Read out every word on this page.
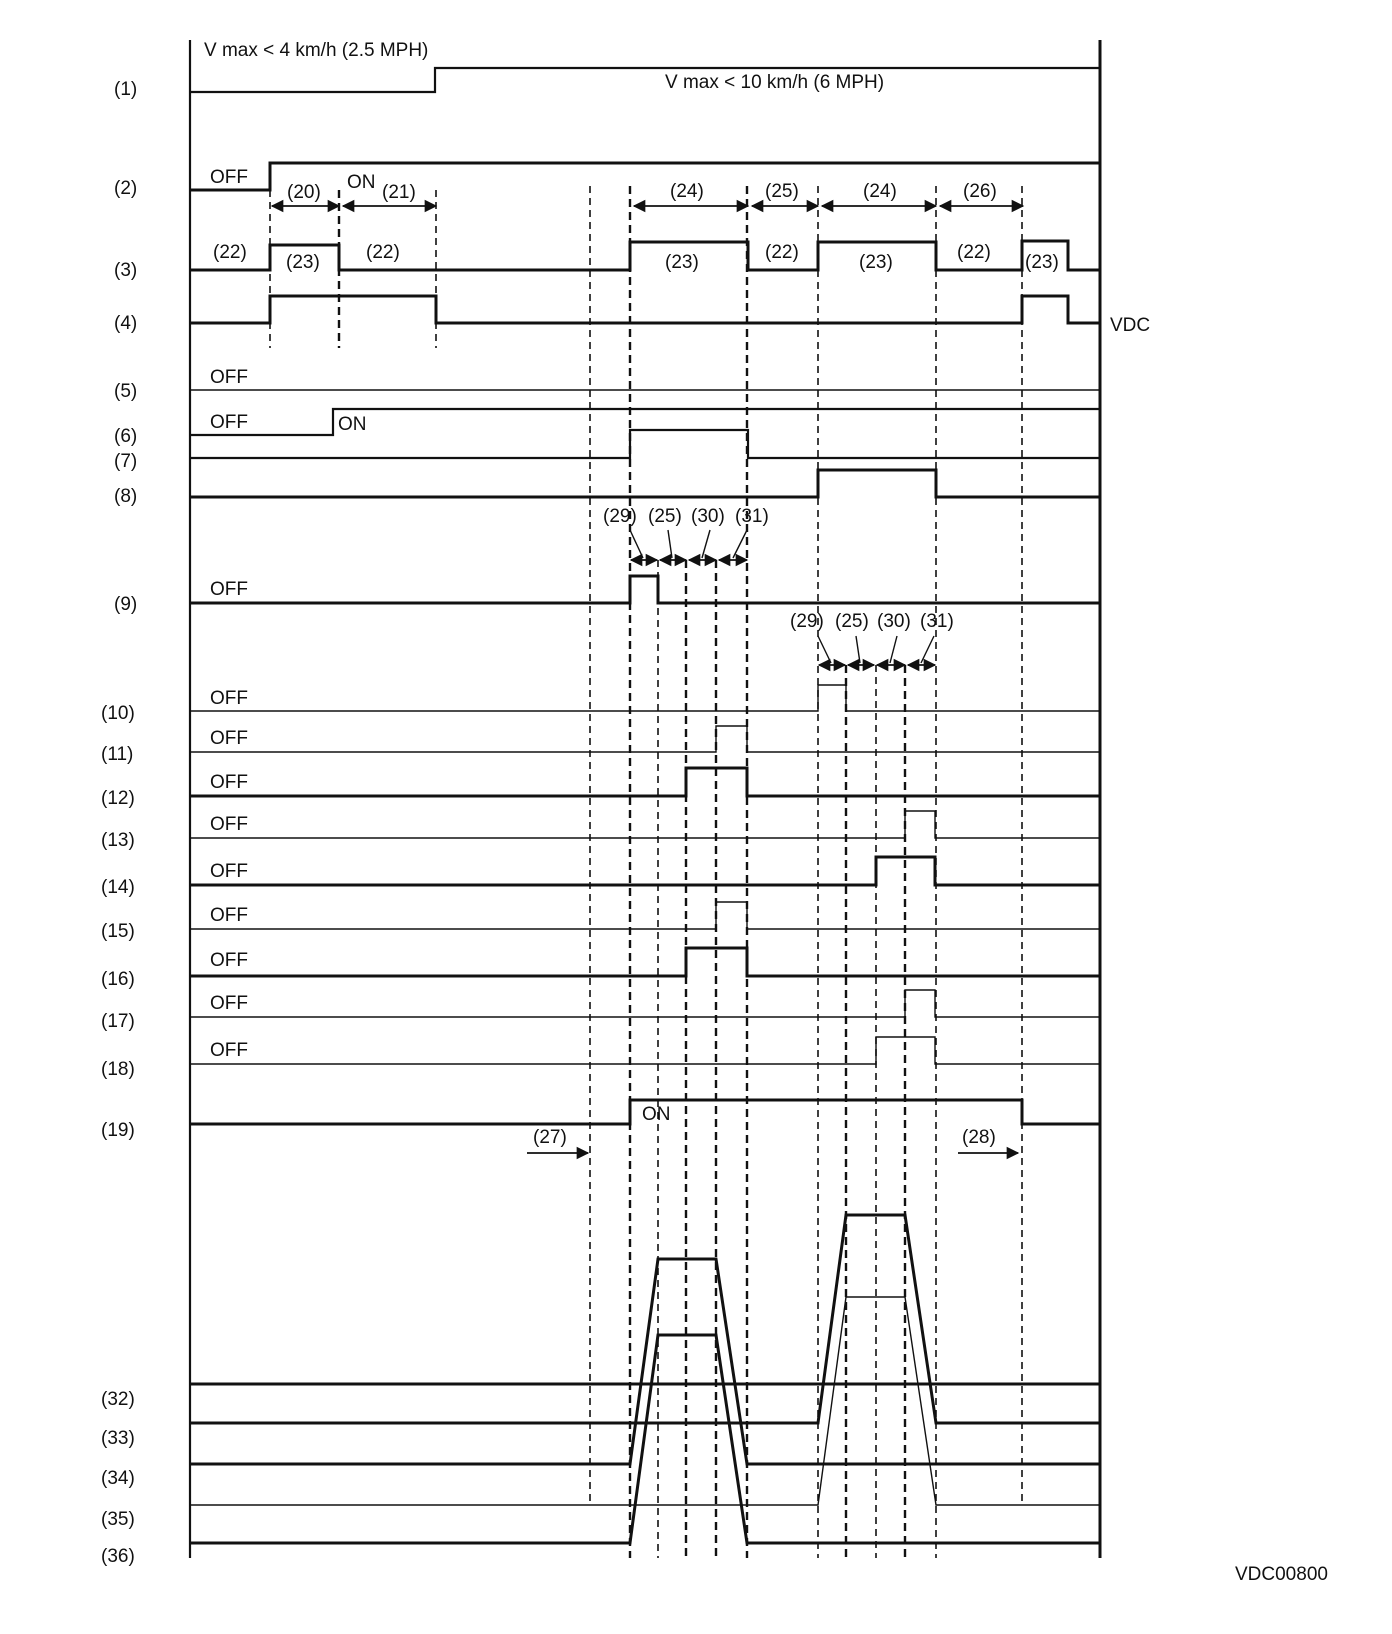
(1)
(2)
(3)
(4)
(5)
(6)
(7)
(8)
(9)
(10)
(11)
(12)
(13)
(14)
(15)
(16)
(17)
(18)
(19)
(32)
(33)
(34)
(35)
(36)
V max < 4 km/h (2.5 MPH)
V max < 10 km/h (6 MPH)
OFF	ON
(20)	(21)	(24)	(25)	(24)	(26)
(22) (23) (22)	(23)	(22)	(23)	(22) (23)
VDC
OFF
OFF	ON
(29) (25) (30) (31)
OFF
(29) (25) (30) (31)
OFF
OFF
OFF
OFF
OFF
OFF
OFF
OFF
OFF
ON
(27)	(28)
VDC00800
